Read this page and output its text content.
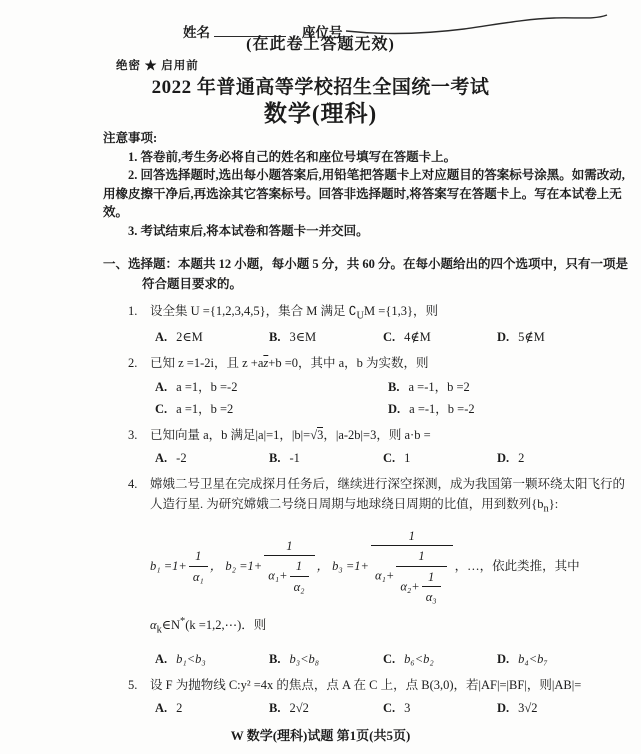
姓名	座位号
(在此卷上答题无效)
绝密 ★ 启用前
2022 年普通高等学校招生全国统一考试
数学(理科)

注意事项:

1. 答卷前,考生务必将自己的姓名和座位号填写在答题卡上。

2. 回答选择题时,选出每小题答案后,用铅笔把答题卡上对应题目的答案标号涂黑。如需改动,用橡皮擦干净后,再选涂其它答案标号。回答非选择题时,将答案写在答题卡上。写在本试卷上无效。

3. 考试结束后,将本试卷和答题卡一并交回。

一、选择题：本题共 12 小题，每小题 5 分，共 60 分。在每小题给出的四个选项中，只有一项是符合题目要求的。

1. 设全集 U ={1,2,3,4,5}，集合 M 满足 $∁_UM =\{1,3\}$，则

A. 2∈M	B. 3∈M	C. 4∉M	D. 5∉M

2. 已知 z =1-2i，且 $z +a\overline{z}+b =0$，其中 a，b 为实数，则

A. a =1，b =-2	B. a =-1，b =2
C. a =1，b =2	D. a =-1，b =-2

3. 已知向量 a，b 满足|a|=1，|b|=√3，|a-2b|=3，则 a·b =

A. -2	B. -1	C. 1	D. 2

4. 嫦娥二号卫星在完成探月任务后，继续进行深空探测，成为我国第一颗环绕太阳飞行的人造行星. 为研究嫦娥二号绕日周期与地球绕日周期的比值，用到数列$\{b_n\}$:

$b_1 =1+ \frac{1}{\text{α₁}}$ ， $b_2 =1+ \frac{1}{\alpha_1+ \frac{1}{\text{α₂}}}$ ， $b_3 =1+ \frac{1}{\alpha_1+ \frac{1}{\alpha_2+ \frac{1}{\text{α₃}}}}$ ，…，依此类推，其中

$\alpha_k\in N^*(k$ =1,2,⋯)．则

A. b₁<b₃	B. b₃<b₈	C. b₆<b₂	D. b₄<b₇

5. 设 F 为抛物线 C:y² =4x 的焦点，点 A 在 C 上，点 B(3,0)，若|AF|=|BF|，则|AB|=

A. 2	B. 2√2	C. 3	D. 3√2
W 数学(理科)试题 第1页(共5页)
